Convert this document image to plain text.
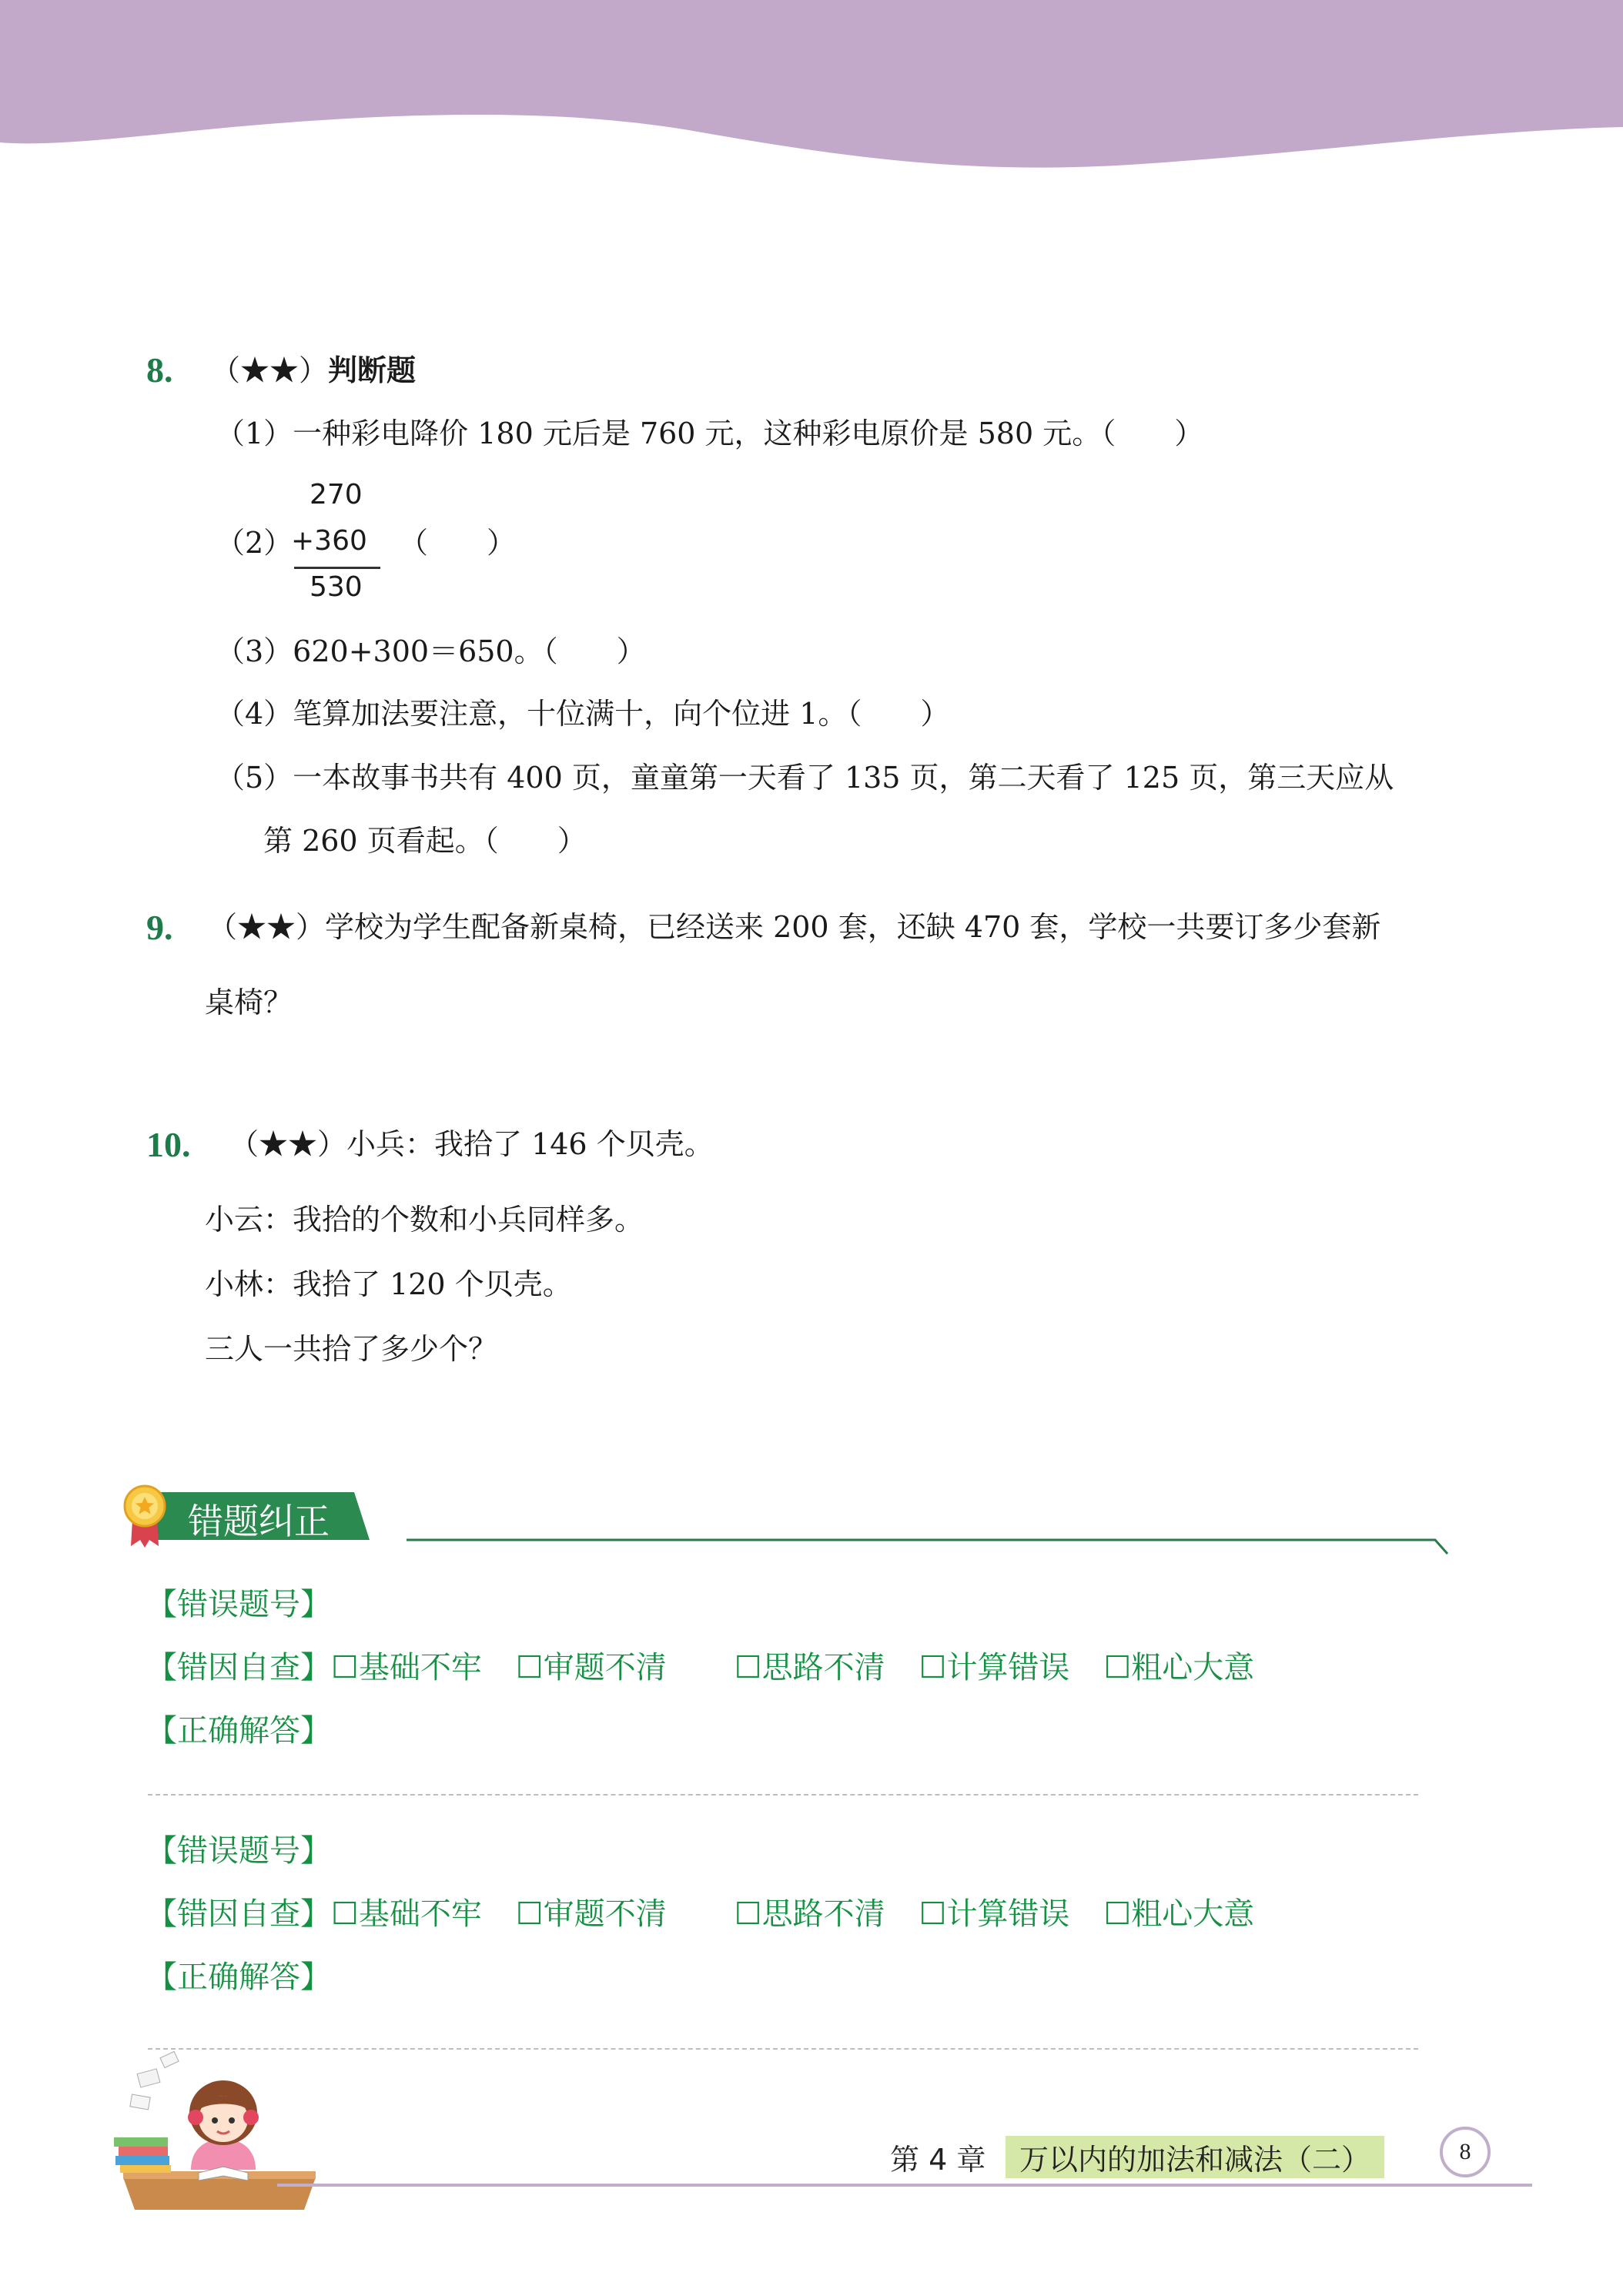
8. （★★）判断题
（1）一种彩电降价 180 元后是 760 元，这种彩电原价是 580 元。（　　）
（2）
270
+360
530
（　　）
（3）620+300＝650。（　　）
（4）笔算加法要注意，十位满十，向个位进 1。（　　）
（5）一本故事书共有 400 页，童童第一天看了 135 页，第二天看了 125 页，第三天应从
第 260 页看起。（　　）
9. （★★）学校为学生配备新桌椅，已经送来 200 套，还缺 470 套，学校一共要订多少套新
桌椅？
10. （★★）小兵：我拾了 146 个贝壳。
小云：我拾的个数和小兵同样多。
小林：我拾了 120 个贝壳。
三人一共拾了多少个？
错题纠正
【错误题号】
【错因自查】☐基础不牢 ☐审题不清 ☐思路不清 ☐计算错误 ☐粗心大意
【正确解答】
【错误题号】
【错因自查】☐基础不牢 ☐审题不清 ☐思路不清 ☐计算错误 ☐粗心大意
【正确解答】
第 4 章	万以内的加法和减法（二）	8
